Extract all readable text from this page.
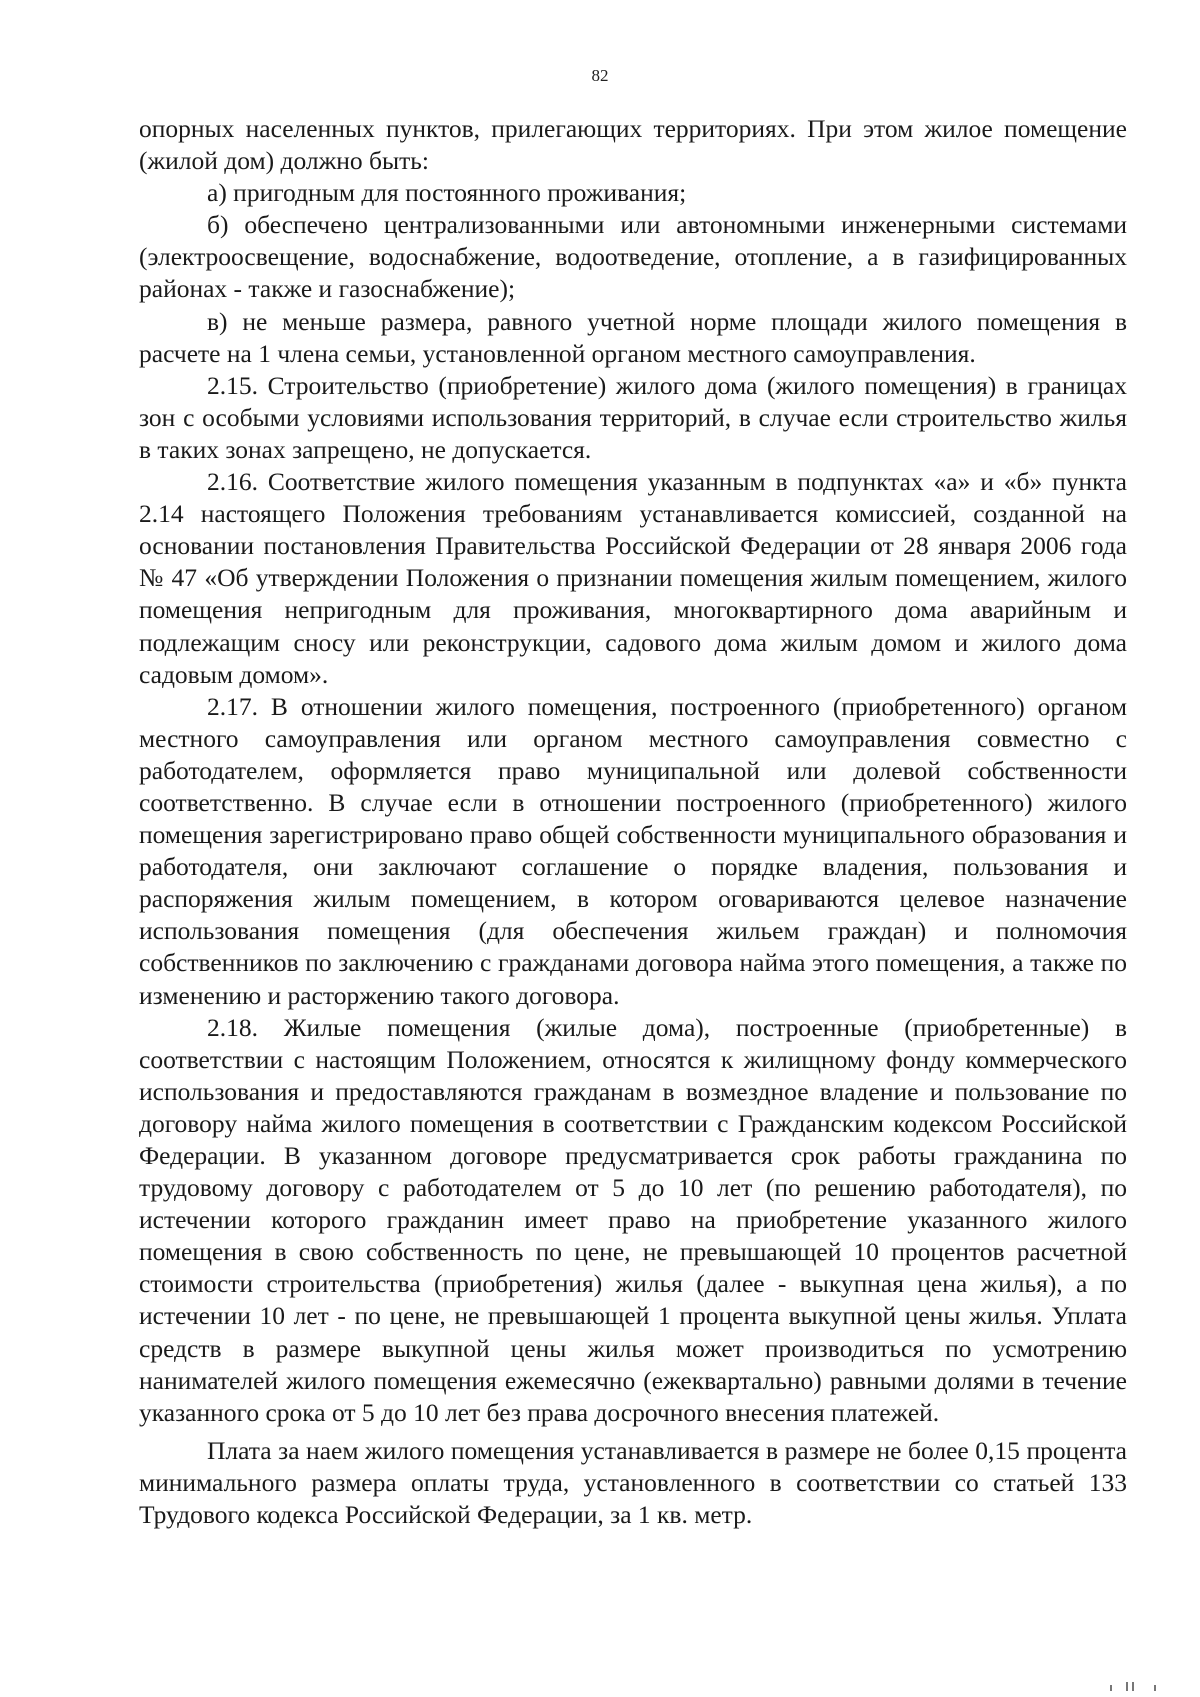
82

опорных населенных пунктов, прилегающих территориях. При этом жилое помещение (жилой дом) должно быть:

а) пригодным для постоянного проживания;

б) обеспечено централизованными или автономными инженерными системами (электроосвещение, водоснабжение, водоотведение, отопление, а в газифицированных районах - также и газоснабжение);

в) не меньше размера, равного учетной норме площади жилого помещения в расчете на 1 члена семьи, установленной органом местного самоуправления.

2.15. Строительство (приобретение) жилого дома (жилого помещения) в границах зон с особыми условиями использования территорий, в случае если строительство жилья в таких зонах запрещено, не допускается.

2.16. Соответствие жилого помещения указанным в подпунктах «а» и «б» пункта 2.14 настоящего Положения требованиям устанавливается комиссией, созданной на основании постановления Правительства Российской Федерации от 28 января 2006 года № 47 «Об утверждении Положения о признании помещения жилым помещением, жилого помещения непригодным для проживания, многоквартирного дома аварийным и подлежащим сносу или реконструкции, садового дома жилым домом и жилого дома садовым домом».

2.17. В отношении жилого помещения, построенного (приобретенного) органом местного самоуправления или органом местного самоуправления совместно с работодателем, оформляется право муниципальной или долевой собственности соответственно. В случае если в отношении построенного (приобретенного) жилого помещения зарегистрировано право общей собственности муниципального образования и работодателя, они заключают соглашение о порядке владения, пользования и распоряжения жилым помещением, в котором оговариваются целевое назначение использования помещения (для обеспечения жильем граждан) и полномочия собственников по заключению с гражданами договора найма этого помещения, а также по изменению и расторжению такого договора.

2.18. Жилые помещения (жилые дома), построенные (приобретенные) в соответствии с настоящим Положением, относятся к жилищному фонду коммерческого использования и предоставляются гражданам в возмездное владение и пользование по договору найма жилого помещения в соответствии с Гражданским кодексом Российской Федерации. В указанном договоре предусматривается срок работы гражданина по трудовому договору с работодателем от 5 до 10 лет (по решению работодателя), по истечении которого гражданин имеет право на приобретение указанного жилого помещения в свою собственность по цене, не превышающей 10 процентов расчетной стоимости строительства (приобретения) жилья (далее - выкупная цена жилья), а по истечении 10 лет - по цене, не превышающей 1 процента выкупной цены жилья. Уплата средств в размере выкупной цены жилья может производиться по усмотрению нанимателей жилого помещения ежемесячно (ежеквартально) равными долями в течение указанного срока от 5 до 10 лет без права досрочного внесения платежей.

Плата за наем жилого помещения устанавливается в размере не более 0,15 процента минимального размера оплаты труда, установленного в соответствии со статьей 133 Трудового кодекса Российской Федерации, за 1 кв. метр.
